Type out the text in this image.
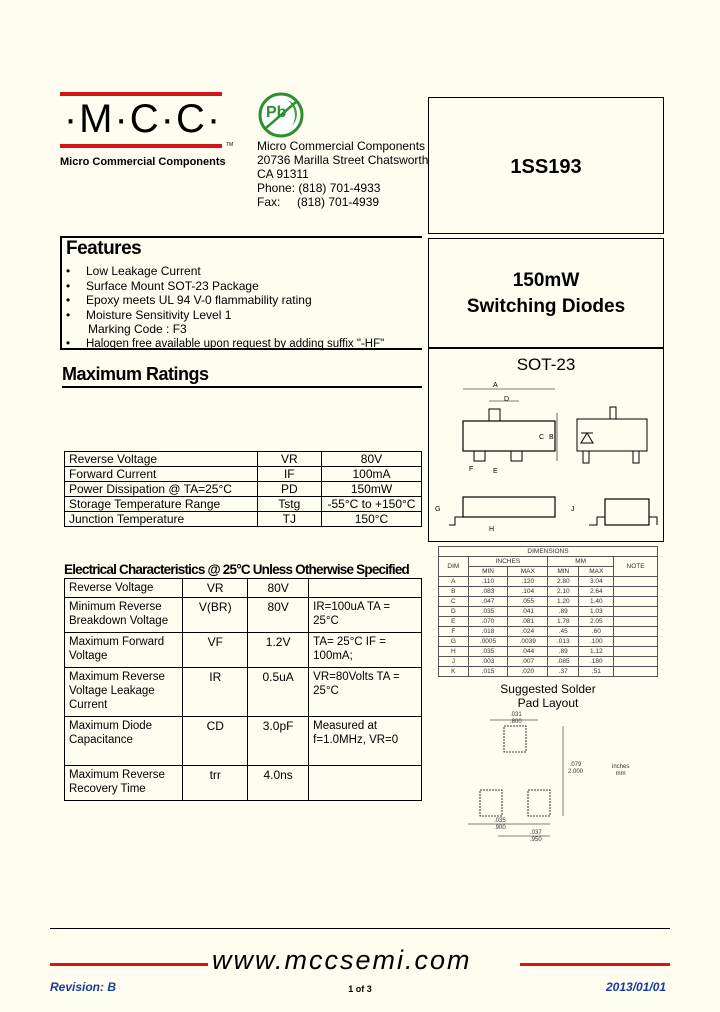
·M·C·C·
TM
Micro Commercial Components
Pb
Micro Commercial Components
20736 Marilla Street Chatsworth
CA 91311
Phone: (818) 701-4933
Fax:     (818) 701-4939
1SS193
150mW
Switching Diodes
SOT-23
A
D
C B
F	E
G
H
J
DIMENSIONS					
DIM	INCHES		MM		NOTE
	MIN	MAX	MIN	MAX	
A	.110	.120	2.80	3.04	
B	.083	.104	2.10	2.64	
C	.047	.055	1.20	1.40	
D	.035	.041	.89	1.03	
E	.070	.081	1.78	2.05	
F	.018	.024	.45	.60	
G	.0005	.0039	.013	.100	
H	.035	.044	.89	1.12	
J	.003	.007	.085	.180	
K	.015	.020	.37	.51	
Suggested Solder
Pad Layout
.031
.800
.079
2.000
inches
mm
.035
.900
.037
.950
Features
• Low Leakage Current
• Surface Mount SOT-23 Package
• Epoxy meets UL 94 V-0 flammability rating
• Moisture Sensitivity Level 1
Marking Code : F3
• Halogen free available upon request by adding suffix "-HF"
Maximum Ratings
Reverse Voltage	VR	80V
Forward Current	IF	100mA
Power Dissipation @ TA=25°C	PD	150mW
Storage Temperature Range	Tstg	-55°C to +150°C
Junction Temperature	TJ	150°C
Electrical Characteristics @ 25°C Unless Otherwise Specified
Reverse Voltage	VR	80V	
Minimum Reverse Breakdown Voltage	V(BR)	80V	IR=100uA TA = 25°C
Maximum Forward Voltage	VF	1.2V	TA= 25°C IF = 100mA;
Maximum Reverse Voltage Leakage Current	IR	0.5uA	VR=80Volts TA = 25°C
Maximum Diode Capacitance	CD	3.0pF	Measured at f=1.0MHz, VR=0
Maximum Reverse Recovery Time	trr	4.0ns	
www.mccsemi.com
Revision: B	1 of 3	2013/01/01
